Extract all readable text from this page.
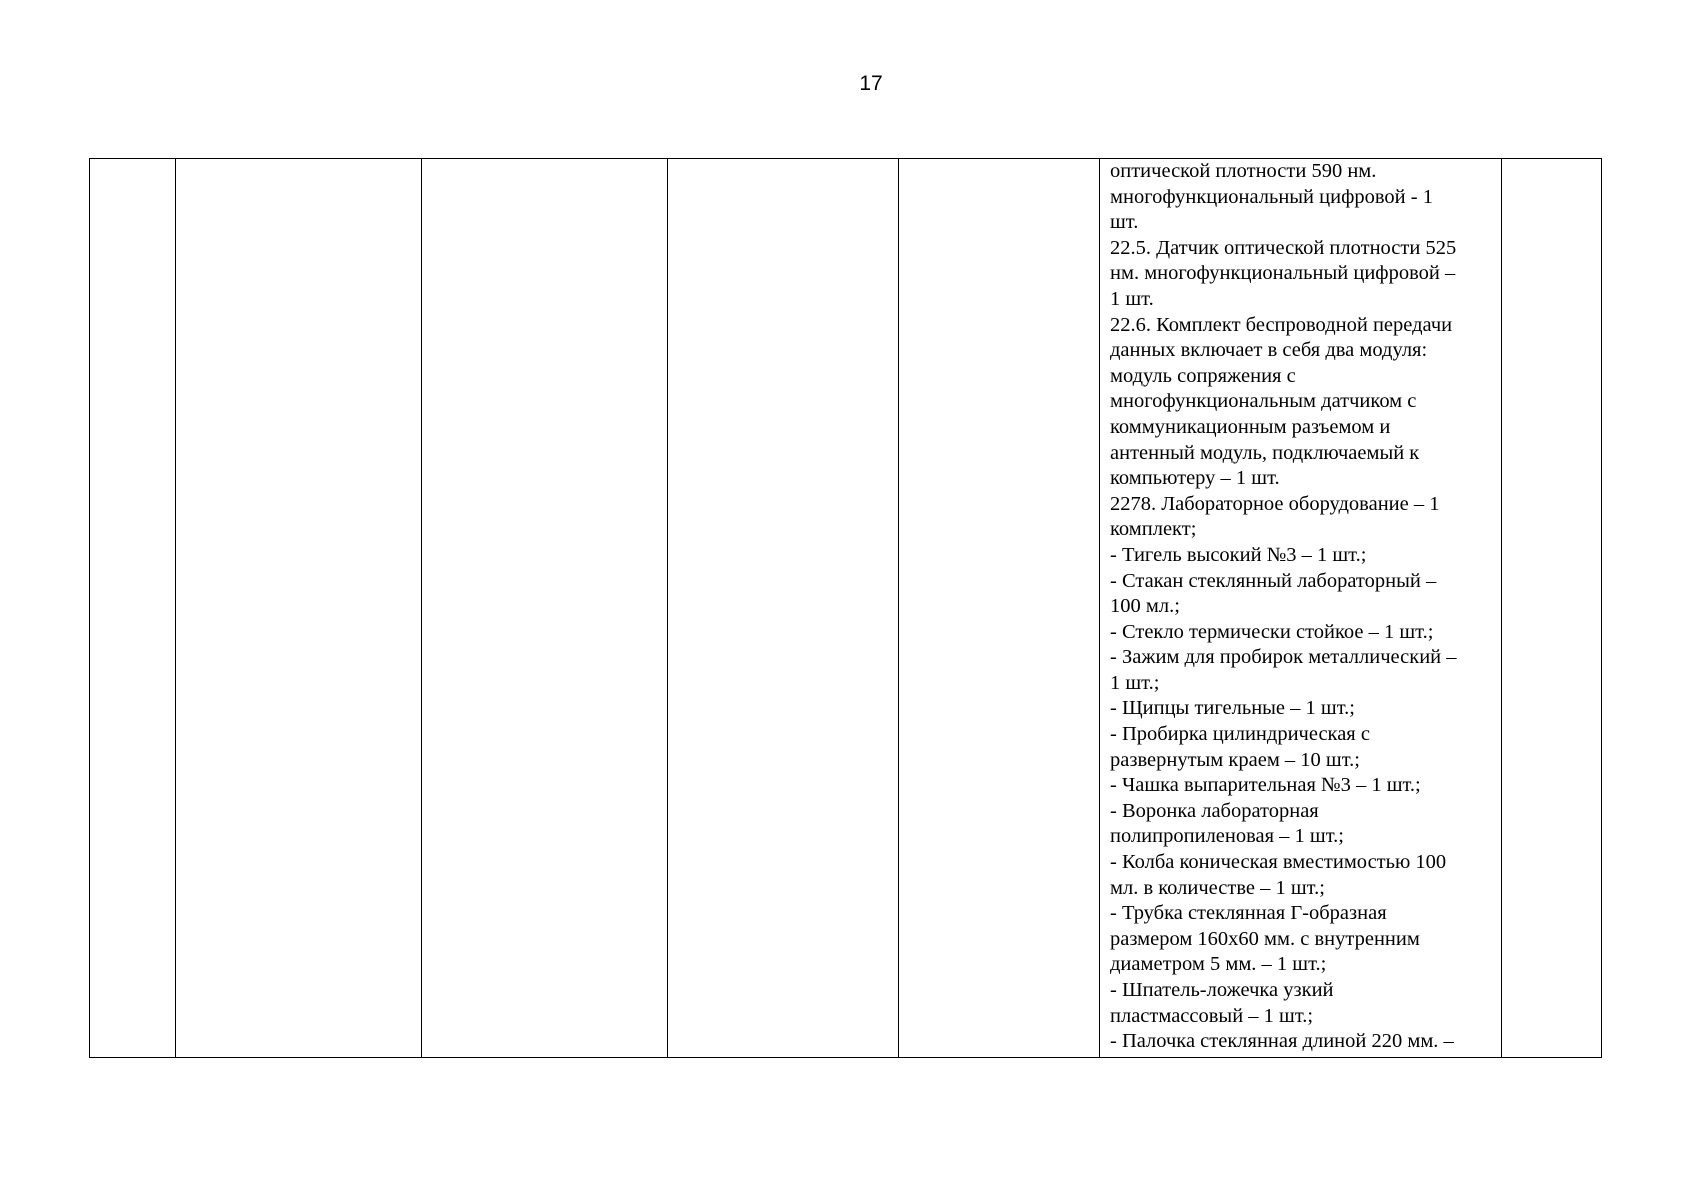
17

оптической плотности 590 нм.
многофункциональный цифровой - 1
шт.
22.5. Датчик оптической плотности 525
нм. многофункциональный цифровой –
1 шт.
22.6. Комплект беспроводной передачи
данных включает в себя два модуля:
модуль сопряжения с
многофункциональным датчиком с
коммуникационным разъемом и
антенный модуль, подключаемый к
компьютеру – 1 шт.
2278. Лабораторное оборудование – 1
комплект;
- Тигель высокий №3 – 1 шт.;
- Стакан стеклянный лабораторный –
100 мл.;
- Стекло термически стойкое – 1 шт.;
- Зажим для пробирок металлический –
1 шт.;
- Щипцы тигельные – 1 шт.;
- Пробирка цилиндрическая с
развернутым краем – 10 шт.;
- Чашка выпарительная №3 – 1 шт.;
- Воронка лабораторная
полипропиленовая – 1 шт.;
- Колба коническая вместимостью 100
мл. в количестве – 1 шт.;
- Трубка стеклянная Г-образная
размером 160х60 мм. с внутренним
диаметром 5 мм. – 1 шт.;
- Шпатель-ложечка узкий
пластмассовый – 1 шт.;
- Палочка стеклянная длиной 220 мм. –
